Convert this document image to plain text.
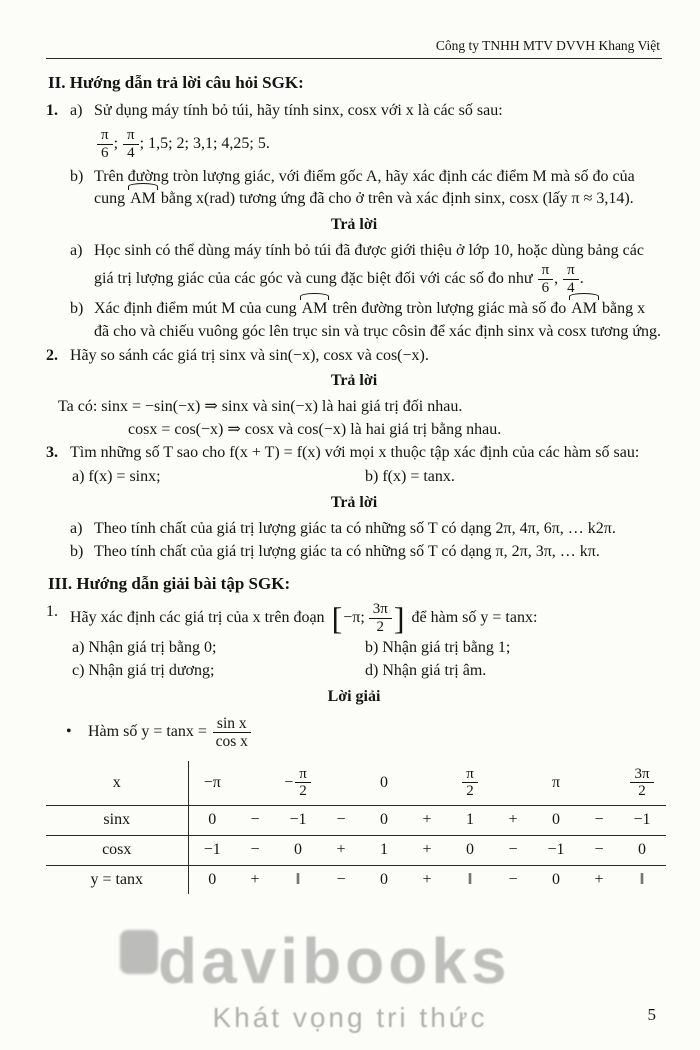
Công ty TNHH MTV DVVH Khang Việt
II. Hướng dẫn trả lời câu hỏi SGK:
1. a) Sử dụng máy tính bỏ túi, hãy tính sinx, cosx với x là các số sau:
$\frac{\pi}{6}$ ; $\frac{\pi}{4}$ ; 1,5; 2; 3,1; 4,25; 5.
b) Trên đường tròn lượng giác, với điểm gốc A, hãy xác định các điểm M mà số đo của cung AM bằng x(rad) tương ứng đã cho ở trên và xác định sinx, cosx (lấy π ≈ 3,14).
Trả lời
a) Học sinh có thể dùng máy tính bỏ túi đã được giới thiệu ở lớp 10, hoặc dùng bảng các giá trị lượng giác của các góc và cung đặc biệt đối với các số đo như $\frac{\pi}{6}$ , $\frac{\pi}{4}$ .
b) Xác định điểm mút M của cung AM trên đường tròn lượng giác mà số đo AM bằng x đã cho và chiếu vuông góc lên trục sin và trục côsin để xác định sinx và cosx tương ứng.
2. Hãy so sánh các giá trị sinx và sin(−x), cosx và cos(−x).
Trả lời
Ta có: sinx = −sin(−x) ⇒ sinx và sin(−x) là hai giá trị đối nhau.
cosx = cos(−x) ⇒ cosx và cos(−x) là hai giá trị bằng nhau.
3. Tìm những số T sao cho f(x + T) = f(x) với mọi x thuộc tập xác định của các hàm số sau:
a) f(x) = sinx;	b) f(x) = tanx.
Trả lời
a) Theo tính chất của giá trị lượng giác ta có những số T có dạng 2π, 4π, 6π, … k2π.
b) Theo tính chất của giá trị lượng giác ta có những số T có dạng π, 2π, 3π, … kπ.
III. Hướng dẫn giải bài tập SGK:
1. Hãy xác định các giá trị của x trên đoạn [ −π; $\frac{3\pi}{2}$ ] để hàm số y = tanx:
a) Nhận giá trị bằng 0;	b) Nhận giá trị bằng 1;
c) Nhận giá trị dương;	d) Nhận giá trị âm.
Lời giải
•	Hàm số $y = \tan x = \frac{\text{sin x}}{\text{cos x}}$
x	−π		− $\frac{\pi}{2}$		0		$\frac{\pi}{2}$		π		$\frac{3\pi}{2}$

sinx	0	−	−1	−	0	+	1	+	0	−	−1
cosx	−1	−	0	+	1	+	0	−	−1	−	0
y = tanx	0	+	‖	−	0	+	‖	−	0	+	‖
davibooks
Khát vọng tri thức	5
